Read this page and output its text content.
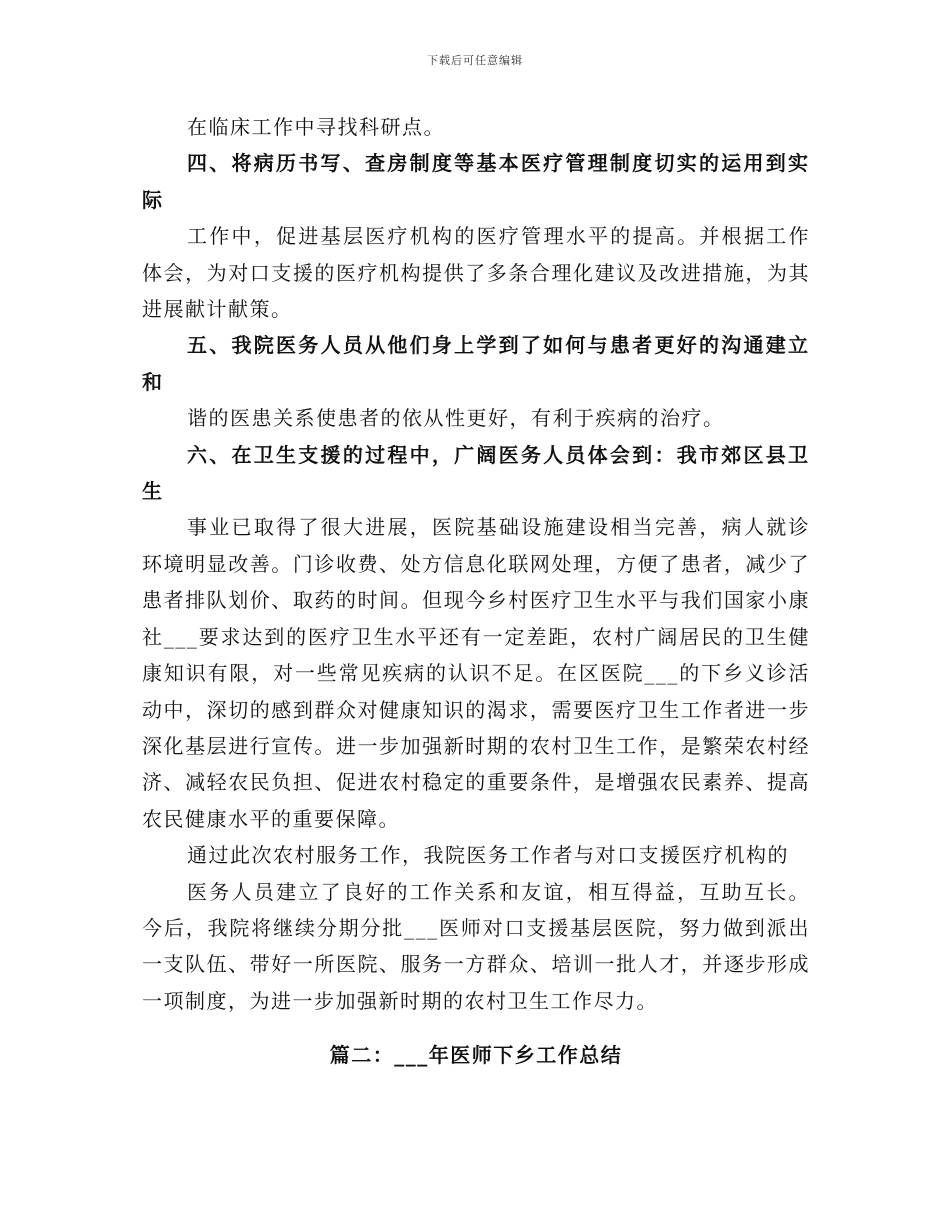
下载后可任意编辑

在临床工作中寻找科研点。

四、将病历书写、查房制度等基本医疗管理制度切实的运用到实际

工作中，促进基层医疗机构的医疗管理水平的提高。并根据工作体会，为对口支援的医疗机构提供了多条合理化建议及改进措施，为其进展献计献策。

五、我院医务人员从他们身上学到了如何与患者更好的沟通建立和

谐的医患关系使患者的依从性更好，有利于疾病的治疗。

六、在卫生支援的过程中，广阔医务人员体会到：我市郊区县卫生

事业已取得了很大进展，医院基础设施建设相当完善，病人就诊环境明显改善。门诊收费、处方信息化联网处理，方便了患者，减少了患者排队划价、取药的时间。但现今乡村医疗卫生水平与我们国家小康社___要求达到的医疗卫生水平还有一定差距，农村广阔居民的卫生健康知识有限，对一些常见疾病的认识不足。在区医院___的下乡义诊活动中，深切的感到群众对健康知识的渴求，需要医疗卫生工作者进一步深化基层进行宣传。进一步加强新时期的农村卫生工作，是繁荣农村经济、减轻农民负担、促进农村稳定的重要条件，是增强农民素养、提高农民健康水平的重要保障。

通过此次农村服务工作，我院医务工作者与对口支援医疗机构的

医务人员建立了良好的工作关系和友谊，相互得益，互助互长。今后，我院将继续分期分批___医师对口支援基层医院，努力做到派出一支队伍、带好一所医院、服务一方群众、培训一批人才，并逐步形成一项制度，为进一步加强新时期的农村卫生工作尽力。

篇二：___年医师下乡工作总结
